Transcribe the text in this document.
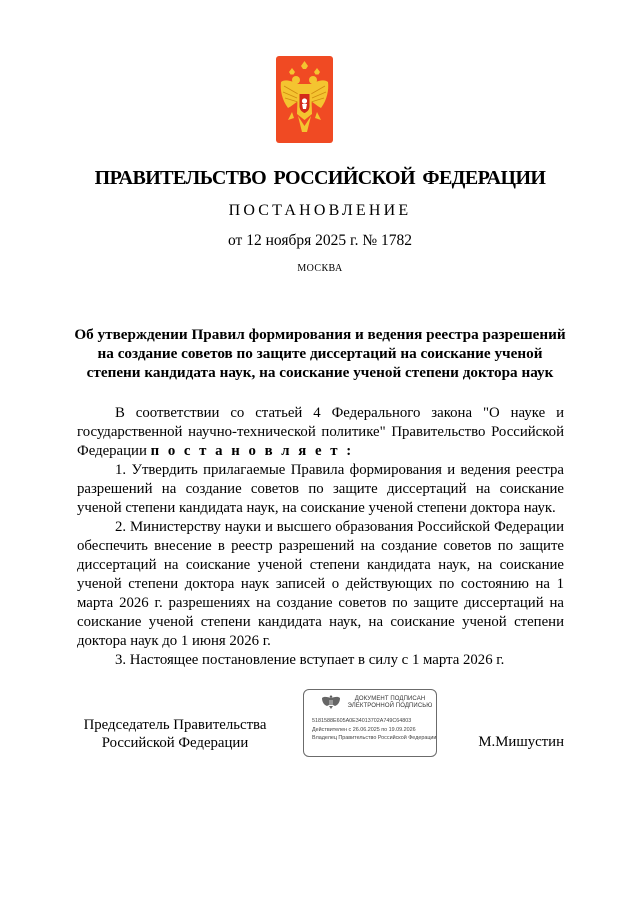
ПРАВИТЕЛЬСТВО РОССИЙСКОЙ ФЕДЕРАЦИИ
ПОСТАНОВЛЕНИЕ
от 12 ноября 2025 г. № 1782
МОСКВА
Об утверждении Правил формирования и ведения реестра разрешений на создание советов по защите диссертаций на соискание ученой степени кандидата наук, на соискание ученой степени доктора наук

В соответствии со статьей 4 Федерального закона "О науке и государственной научно-технической политике" Правительство Российской Федерации п о с т а н о в л я е т :

1. Утвердить прилагаемые Правила формирования и ведения реестра разрешений на создание советов по защите диссертаций на соискание ученой степени кандидата наук, на соискание ученой степени доктора наук.

2. Министерству науки и высшего образования Российской Федерации обеспечить внесение в реестр разрешений на создание советов по защите диссертаций на соискание ученой степени кандидата наук, на соискание ученой степени доктора наук записей о действующих по состоянию на 1 марта 2026 г. разрешениях на создание советов по защите диссертаций на соискание ученой степени кандидата наук, на соискание ученой степени доктора наук до 1 июня 2026 г.

3. Настоящее постановление вступает в силу с 1 марта 2026 г.

Председатель Правительства
Российской Федерации
ДОКУМЕНТ ПОДПИСАН ЭЛЕКТРОННОЙ ПОДПИСЬЮ
5181588E605A0E34013702A749C64803
Действителен с 26.06.2025 по 19.09.2026
Владелец Правительство Российской Федерации	М.Мишустин
